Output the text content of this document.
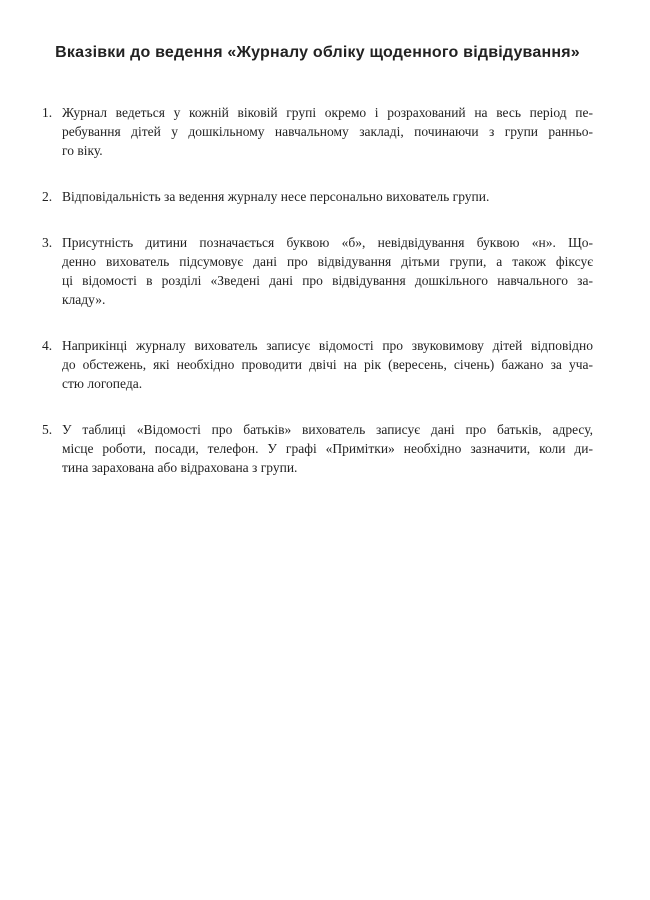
Вказівки до ведення «Журналу обліку щоденного відвідування»
1. Журнал ведеться у кожній віковій групі окремо і розрахований на весь період пе-
ребування дітей у дошкільному навчальному закладі, починаючи з групи ранньо-
го віку.
2. Відповідальність за ведення журналу несе персонально вихователь групи.
3. Присутність дитини позначається буквою «б», невідвідування буквою «н». Що-
денно вихователь підсумовує дані про відвідування дітьми групи, а також фіксує
ці відомості в розділі «Зведені дані про відвідування дошкільного навчального за-
кладу».
4. Наприкінці журналу вихователь записує відомості про звуковимову дітей відповідно
до обстежень, які необхідно проводити двічі на рік (вересень, січень) бажано за уча-
стю логопеда.
5. У таблиці «Відомості про батьків» вихователь записує дані про батьків, адресу,
місце роботи, посади, телефон. У графі «Примітки» необхідно зазначити, коли ди-
тина зарахована або відрахована з групи.
